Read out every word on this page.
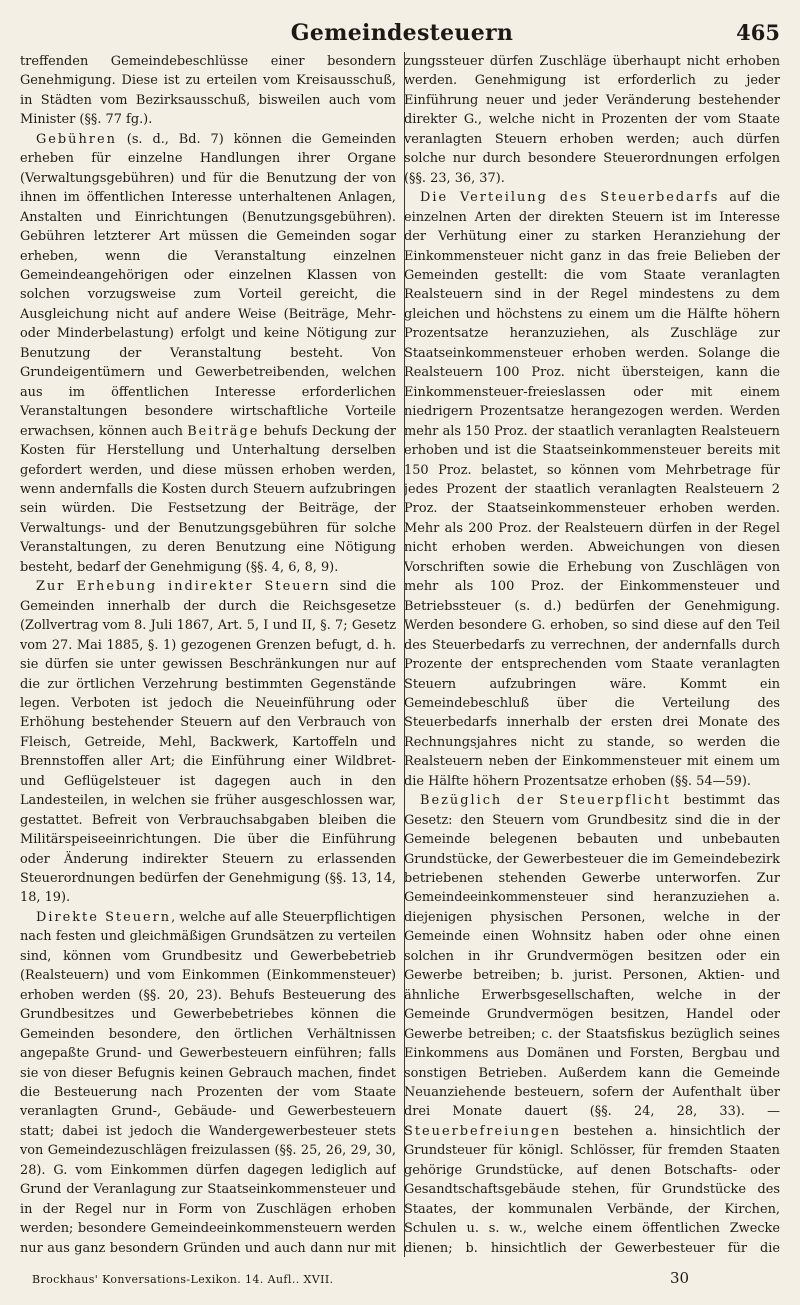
Gemeindesteuern	465

treffenden Gemeindebeschlüsse einer besondern Genehmigung. Diese ist zu erteilen vom Kreisausschuß, in Städten vom Bezirksausschuß, bisweilen auch vom Minister (§§. 77 fg.).

Gebühren (s. d., Bd. 7) können die Gemeinden erheben für einzelne Handlungen ihrer Organe (Verwaltungsgebühren) und für die Benutzung der von ihnen im öffentlichen Interesse unterhaltenen Anlagen, Anstalten und Einrichtungen (Benutzungsgebühren). Gebühren letzterer Art müssen die Gemeinden sogar erheben, wenn die Veranstaltung einzelnen Gemeindeangehörigen oder einzelnen Klassen von solchen vorzugsweise zum Vorteil gereicht, die Ausgleichung nicht auf andere Weise (Beiträge, Mehr- oder Minderbelastung) erfolgt und keine Nötigung zur Benutzung der Veranstaltung besteht. Von Grundeigentümern und Gewerbetreibenden, welchen aus im öffentlichen Interesse erforderlichen Veranstaltungen besondere wirtschaftliche Vorteile erwachsen, können auch Beiträge behufs Deckung der Kosten für Herstellung und Unterhaltung derselben gefordert werden, und diese müssen erhoben werden, wenn andernfalls die Kosten durch Steuern aufzubringen sein würden. Die Festsetzung der Beiträge, der Verwaltungs- und der Benutzungsgebühren für solche Veranstaltungen, zu deren Benutzung eine Nötigung besteht, bedarf der Genehmigung (§§. 4, 6, 8, 9).

Zur Erhebung indirekter Steuern sind die Gemeinden innerhalb der durch die Reichsgesetze (Zollvertrag vom 8. Juli 1867, Art. 5, I und II, §. 7; Gesetz vom 27. Mai 1885, §. 1) gezogenen Grenzen befugt, d. h. sie dürfen sie unter gewissen Beschränkungen nur auf die zur örtlichen Verzehrung bestimmten Gegenstände legen. Verboten ist jedoch die Neueinführung oder Erhöhung bestehender Steuern auf den Verbrauch von Fleisch, Getreide, Mehl, Backwerk, Kartoffeln und Brennstoffen aller Art; die Einführung einer Wildbret- und Geflügelsteuer ist dagegen auch in den Landesteilen, in welchen sie früher ausgeschlossen war, gestattet. Befreit von Verbrauchsabgaben bleiben die Militärspeiseeinrichtungen. Die über die Einführung oder Änderung indirekter Steuern zu erlassenden Steuerordnungen bedürfen der Genehmigung (§§. 13, 14, 18, 19).

Direkte Steuern, welche auf alle Steuerpflichtigen nach festen und gleichmäßigen Grundsätzen zu verteilen sind, können vom Grundbesitz und Gewerbebetrieb (Realsteuern) und vom Einkommen (Einkommensteuer) erhoben werden (§§. 20, 23). Behufs Besteuerung des Grundbesitzes und Gewerbebetriebes können die Gemeinden besondere, den örtlichen Verhältnissen angepaßte Grund- und Gewerbesteuern einführen; falls sie von dieser Befugnis keinen Gebrauch machen, findet die Besteuerung nach Prozenten der vom Staate veranlagten Grund-, Gebäude- und Gewerbesteuern statt; dabei ist jedoch die Wandergewerbesteuer stets von Gemeindezuschlägen freizulassen (§§. 25, 26, 29, 30, 28). G. vom Einkommen dürfen dagegen lediglich auf Grund der Veranlagung zur Staatseinkommensteuer und in der Regel nur in Form von Zuschlägen erhoben werden; besondere Gemeindeeinkommensteuern werden nur aus ganz besondern Gründen und auch dann nur mit

zungssteuer dürfen Zuschläge überhaupt nicht erhoben werden. Genehmigung ist erforderlich zu jeder Einführung neuer und jeder Veränderung bestehender direkter G., welche nicht in Prozenten der vom Staate veranlagten Steuern erhoben werden; auch dürfen solche nur durch besondere Steuerordnungen erfolgen (§§. 23, 36, 37).

Die Verteilung des Steuerbedarfs auf die einzelnen Arten der direkten Steuern ist im Interesse der Verhütung einer zu starken Heranziehung der Einkommensteuer nicht ganz in das freie Belieben der Gemeinden gestellt: die vom Staate veranlagten Realsteuern sind in der Regel mindestens zu dem gleichen und höchstens zu einem um die Hälfte höhern Prozentsatze heranzuziehen, als Zuschläge zur Staatseinkommensteuer erhoben werden. Solange die Realsteuern 100 Proz. nicht übersteigen, kann die Einkommensteuer-freieslassen oder mit einem niedrigern Prozentsatze herangezogen werden. Werden mehr als 150 Proz. der staatlich veranlagten Realsteuern erhoben und ist die Staatseinkommensteuer bereits mit 150 Proz. belastet, so können vom Mehrbetrage für jedes Prozent der staatlich veranlagten Realsteuern 2 Proz. der Staatseinkommensteuer erhoben werden. Mehr als 200 Proz. der Realsteuern dürfen in der Regel nicht erhoben werden. Abweichungen von diesen Vorschriften sowie die Erhebung von Zuschlägen von mehr als 100 Proz. der Einkommensteuer und Betriebssteuer (s. d.) bedürfen der Genehmigung. Werden besondere G. erhoben, so sind diese auf den Teil des Steuerbedarfs zu verrechnen, der andernfalls durch Prozente der entsprechenden vom Staate veranlagten Steuern aufzubringen wäre. Kommt ein Gemeindebeschluß über die Verteilung des Steuerbedarfs innerhalb der ersten drei Monate des Rechnungsjahres nicht zu stande, so werden die Realsteuern neben der Einkommensteuer mit einem um die Hälfte höhern Prozentsatze erhoben (§§. 54—59).

Bezüglich der Steuerpflicht bestimmt das Gesetz: den Steuern vom Grundbesitz sind die in der Gemeinde belegenen bebauten und unbebauten Grundstücke, der Gewerbesteuer die im Gemeindebezirk betriebenen stehenden Gewerbe unterworfen. Zur Gemeindeeinkommensteuer sind heranzuziehen a. diejenigen physischen Personen, welche in der Gemeinde einen Wohnsitz haben oder ohne einen solchen in ihr Grundvermögen besitzen oder ein Gewerbe betreiben; b. jurist. Personen, Aktien- und ähnliche Erwerbsgesellschaften, welche in der Gemeinde Grundvermögen besitzen, Handel oder Gewerbe betreiben; c. der Staatsfiskus bezüglich seines Einkommens aus Domänen und Forsten, Bergbau und sonstigen Betrieben. Außerdem kann die Gemeinde Neuanziehende besteuern, sofern der Aufenthalt über drei Monate dauert (§§. 24, 28, 33). — Steuerbefreiungen bestehen a. hinsichtlich der Grundsteuer für königl. Schlösser, für fremden Staaten gehörige Grundstücke, auf denen Botschafts- oder Gesandtschaftsgebäude stehen, für Grundstücke des Staates, der kommunalen Verbände, der Kirchen, Schulen u. s. w., welche einem öffentlichen Zwecke dienen; b. hinsichtlich der Gewerbesteuer für die

Brockhaus' Konversations-Lexikon. 14. Aufl.. XVII.	30
